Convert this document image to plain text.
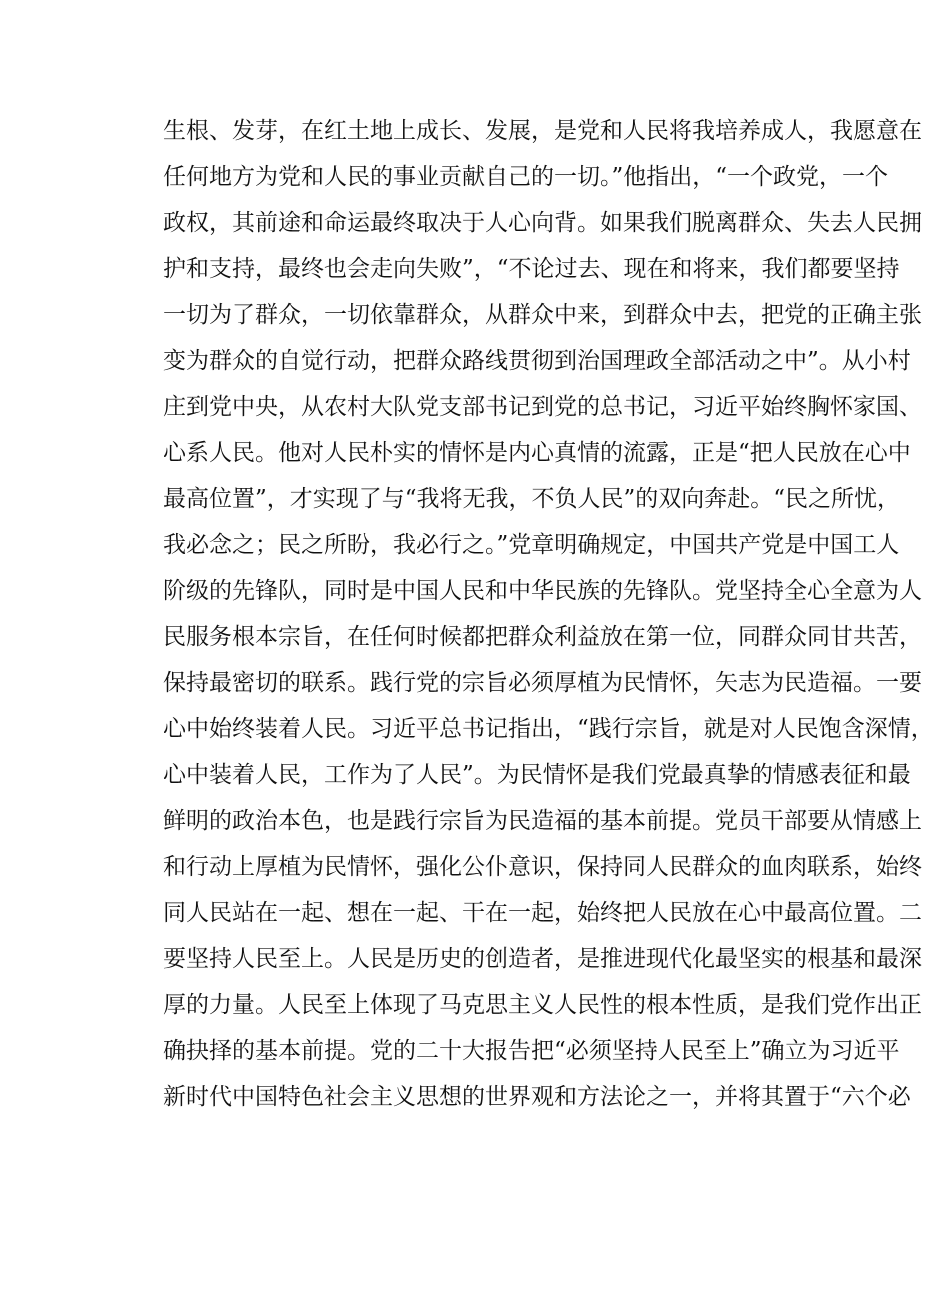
生根、发芽，在红土地上成长、发展，是党和人民将我培养成人，我愿意在
任何地方为党和人民的事业贡献自己的一切。”他指出，“一个政党，一个
政权，其前途和命运最终取决于人心向背。如果我们脱离群众、失去人民拥
护和支持，最终也会走向失败”，“不论过去、现在和将来，我们都要坚持
一切为了群众，一切依靠群众，从群众中来，到群众中去，把党的正确主张
变为群众的自觉行动，把群众路线贯彻到治国理政全部活动之中”。从小村
庄到党中央，从农村大队党支部书记到党的总书记，习近平始终胸怀家国、
心系人民。他对人民朴实的情怀是内心真情的流露，正是“把人民放在心中
最高位置”，才实现了与“我将无我，不负人民”的双向奔赴。“民之所忧，
我必念之；民之所盼，我必行之。”党章明确规定，中国共产党是中国工人
阶级的先锋队，同时是中国人民和中华民族的先锋队。党坚持全心全意为人
民服务根本宗旨，在任何时候都把群众利益放在第一位，同群众同甘共苦，
保持最密切的联系。践行党的宗旨必须厚植为民情怀，矢志为民造福。一要
心中始终装着人民。习近平总书记指出，“践行宗旨，就是对人民饱含深情，
心中装着人民，工作为了人民”。为民情怀是我们党最真挚的情感表征和最
鲜明的政治本色，也是践行宗旨为民造福的基本前提。党员干部要从情感上
和行动上厚植为民情怀，强化公仆意识，保持同人民群众的血肉联系，始终
同人民站在一起、想在一起、干在一起，始终把人民放在心中最高位置。二
要坚持人民至上。人民是历史的创造者，是推进现代化最坚实的根基和最深
厚的力量。人民至上体现了马克思主义人民性的根本性质，是我们党作出正
确抉择的基本前提。党的二十大报告把“必须坚持人民至上”确立为习近平
新时代中国特色社会主义思想的世界观和方法论之一，并将其置于“六个必
